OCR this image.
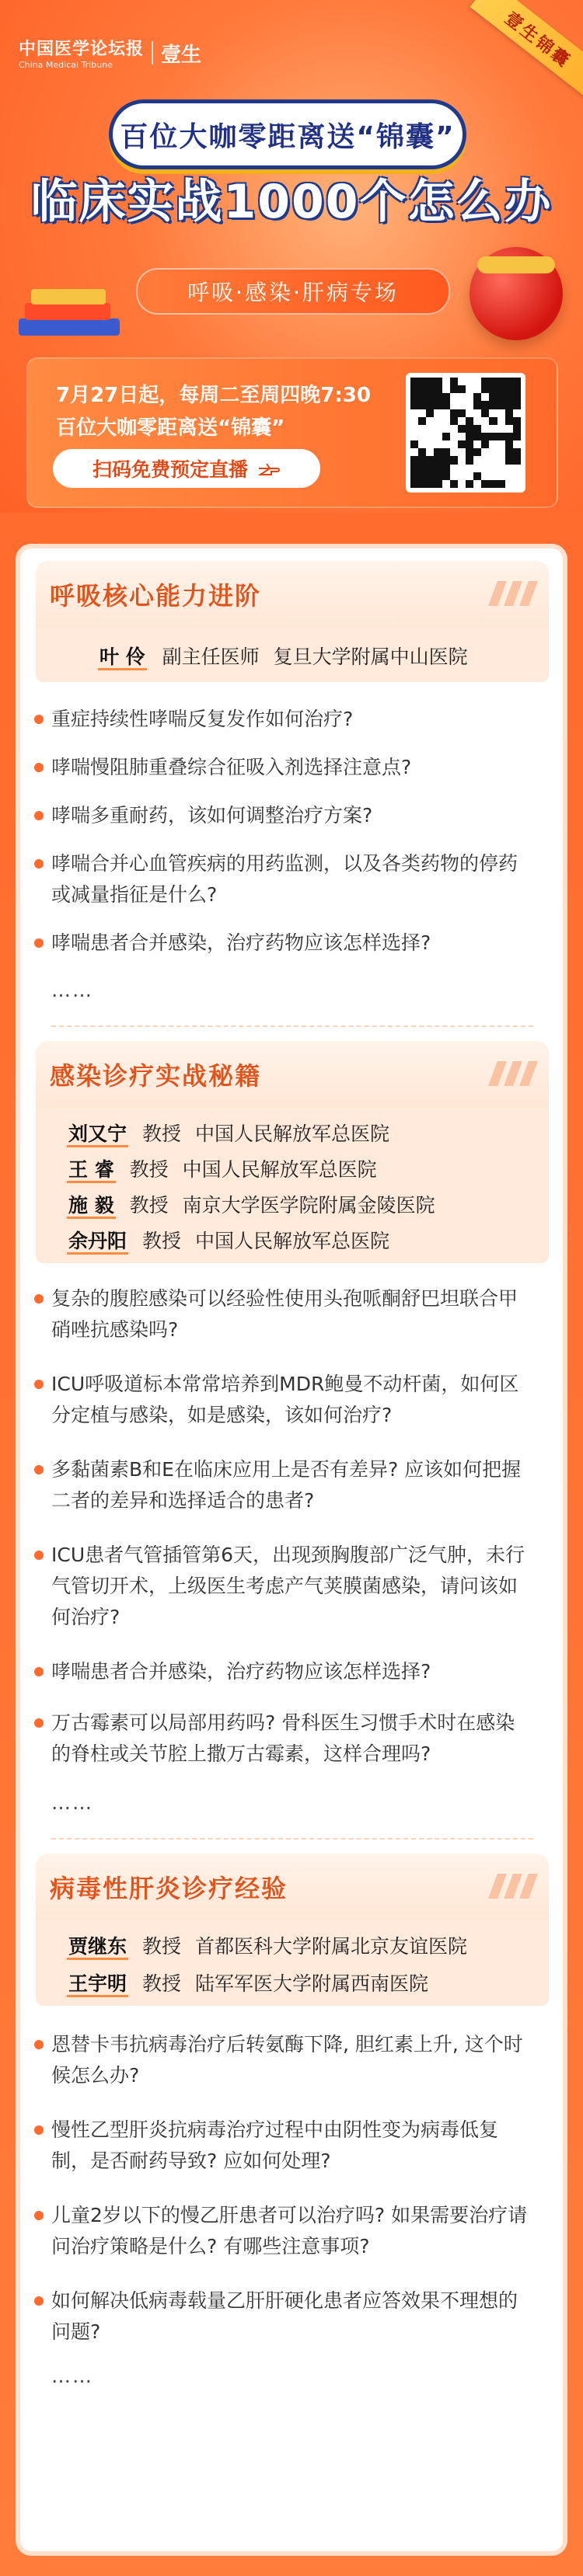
中国医学论坛报
China Medical Tribune	壹生	壹生锦囊
百位大咖零距离送“锦囊”
临床实战1000个怎么办
呼吸·感染·肝病专场
7月27日起，每周二至周四晚7:30
百位大咖零距离送“锦囊”
扫码免费预定直播
呼吸核心能力进阶
叶 伶 副主任医师 复旦大学附属中山医院
重症持续性哮喘反复发作如何治疗?
哮喘慢阻肺重叠综合征吸入剂选择注意点?
哮喘多重耐药，该如何调整治疗方案?
哮喘合并心血管疾病的用药监测，以及各类药物的停药或减量指征是什么?
哮喘患者合并感染，治疗药物应该怎样选择?
……
感染诊疗实战秘籍
刘又宁 教授 中国人民解放军总医院
王 睿 教授 中国人民解放军总医院
施 毅 教授 南京大学医学院附属金陵医院
余丹阳 教授 中国人民解放军总医院
复杂的腹腔感染可以经验性使用头孢哌酮舒巴坦联合甲硝唑抗感染吗?
ICU呼吸道标本常常培养到MDR鲍曼不动杆菌，如何区分定植与感染，如是感染，该如何治疗?
多黏菌素B和E在临床应用上是否有差异? 应该如何把握二者的差异和选择适合的患者?
ICU患者气管插管第6天，出现颈胸腹部广泛气肿，未行气管切开术，上级医生考虑产气荚膜菌感染，请问该如何治疗?
哮喘患者合并感染，治疗药物应该怎样选择?
万古霉素可以局部用药吗? 骨科医生习惯手术时在感染的脊柱或关节腔上撒万古霉素，这样合理吗?
……
病毒性肝炎诊疗经验
贾继东 教授 首都医科大学附属北京友谊医院
王宇明 教授 陆军军医大学附属西南医院
恩替卡韦抗病毒治疗后转氨酶下降, 胆红素上升, 这个时候怎么办?
慢性乙型肝炎抗病毒治疗过程中由阴性变为病毒低复制，是否耐药导致? 应如何处理?
儿童2岁以下的慢乙肝患者可以治疗吗? 如果需要治疗请问治疗策略是什么? 有哪些注意事项?
如何解决低病毒载量乙肝肝硬化患者应答效果不理想的问题?
……
